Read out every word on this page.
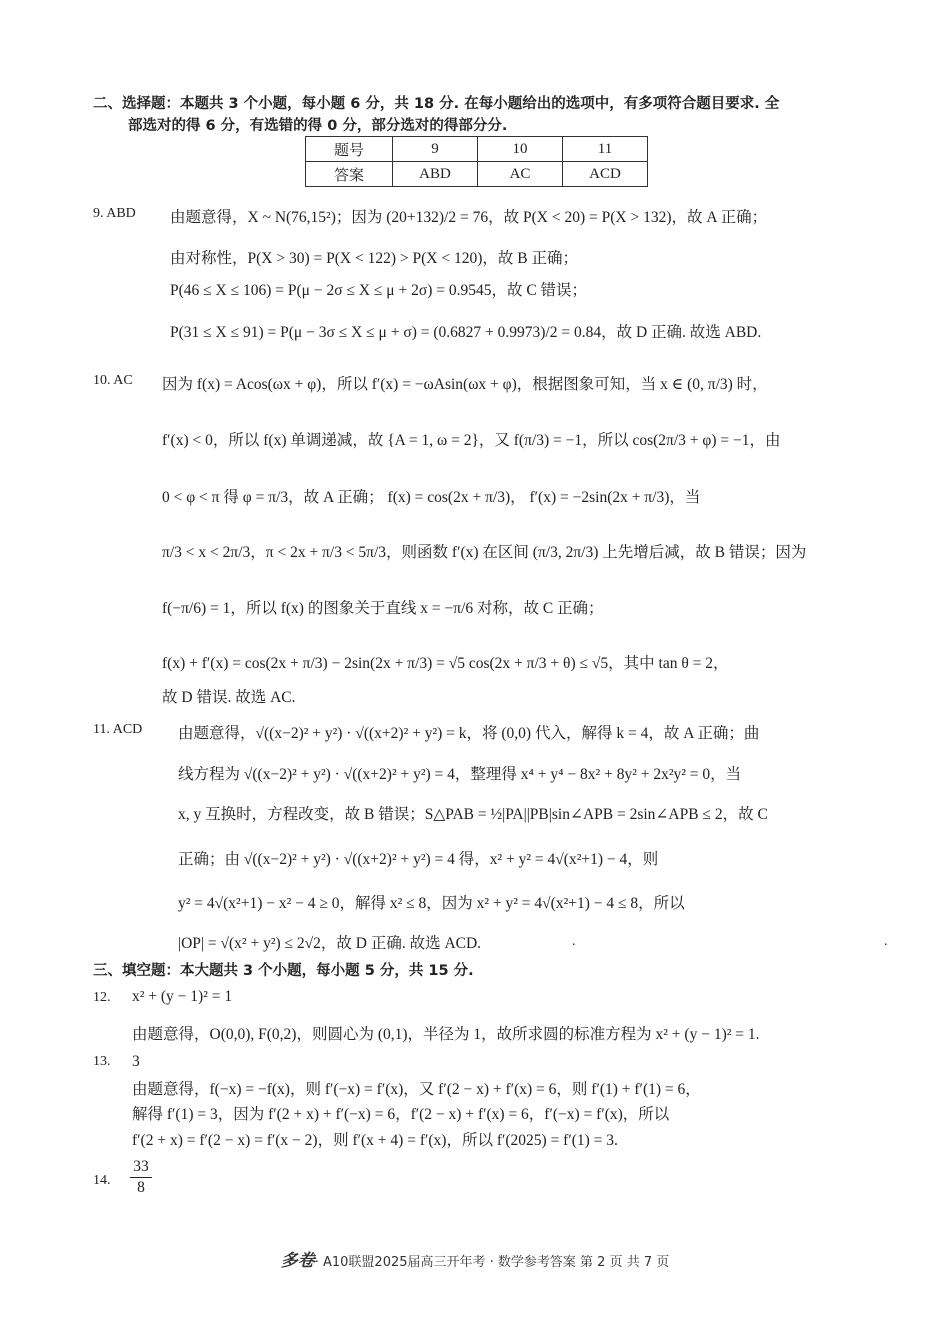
二、选择题：本题共 3 个小题，每小题 6 分，共 18 分. 在每小题给出的选项中，有多项符合题目要求. 全
部选对的得 6 分，有选错的得 0 分，部分选对的得部分分.
题号	9	10	11
答案	ABD	AC	ACD
9. ABD 由题意得，X ~ N(76,15²)；因为 (20+132)/2 = 76，故 P(X < 20) = P(X > 132)，故 A 正确；
由对称性，P(X > 30) = P(X < 122) > P(X < 120)，故 B 正确；
P(46 ≤ X ≤ 106) = P(μ − 2σ ≤ X ≤ μ + 2σ) = 0.9545，故 C 错误；
P(31 ≤ X ≤ 91) = P(μ − 3σ ≤ X ≤ μ + σ) = (0.6827 + 0.9973)/2 = 0.84，故 D 正确. 故选 ABD.
10. AC 因为 f(x) = Acos(ωx + φ)，所以 f′(x) = −ωAsin(ωx + φ)，根据图象可知，当 x ∈ (0, π/3) 时，
f′(x) < 0，所以 f(x) 单调递减，故 {A = 1, ω = 2}，又 f(π/3) = −1，所以 cos(2π/3 + φ) = −1，由
0 < φ < π 得 φ = π/3，故 A 正确； f(x) = cos(2x + π/3)， f′(x) = −2sin(2x + π/3)，当
π/3 < x < 2π/3，π < 2x + π/3 < 5π/3，则函数 f′(x) 在区间 (π/3, 2π/3) 上先增后减，故 B 错误；因为
f(−π/6) = 1，所以 f(x) 的图象关于直线 x = −π/6 对称，故 C 正确；
f(x) + f′(x) = cos(2x + π/3) − 2sin(2x + π/3) = √5 cos(2x + π/3 + θ) ≤ √5，其中 tan θ = 2，
故 D 错误. 故选 AC.
11. ACD 由题意得，√((x−2)² + y²) · √((x+2)² + y²) = k，将 (0,0) 代入，解得 k = 4，故 A 正确；曲
线方程为 √((x−2)² + y²) · √((x+2)² + y²) = 4，整理得 x⁴ + y⁴ − 8x² + 8y² + 2x²y² = 0，当
x, y 互换时，方程改变，故 B 错误；S△PAB = ½|PA||PB|sin∠APB = 2sin∠APB ≤ 2，故 C
正确；由 √((x−2)² + y²) · √((x+2)² + y²) = 4 得，x² + y² = 4√(x²+1) − 4，则
y² = 4√(x²+1) − x² − 4 ≥ 0，解得 x² ≤ 8，因为 x² + y² = 4√(x²+1) − 4 ≤ 8，所以
|OP| = √(x² + y²) ≤ 2√2，故 D 正确. 故选 ACD.	.	.
三、填空题：本大题共 3 个小题，每小题 5 分，共 15 分.
12. x² + (y − 1)² = 1
由题意得，O(0,0), F(0,2)，则圆心为 (0,1)，半径为 1，故所求圆的标准方程为 x² + (y − 1)² = 1.
13. 3
由题意得，f(−x) = −f(x)，则 f′(−x) = f′(x)，又 f′(2 − x) + f′(x) = 6，则 f′(1) + f′(1) = 6，
解得 f′(1) = 3，因为 f′(2 + x) + f′(−x) = 6，f′(2 − x) + f′(x) = 6，f′(−x) = f′(x)，所以
f′(2 + x) = f′(2 − x) = f′(x − 2)，则 f′(x + 4) = f′(x)，所以 f′(2025) = f′(1) = 3.
14.
33
8
多卷· A10联盟2025届高三开年考 · 数学参考答案 第 2 页 共 7 页
